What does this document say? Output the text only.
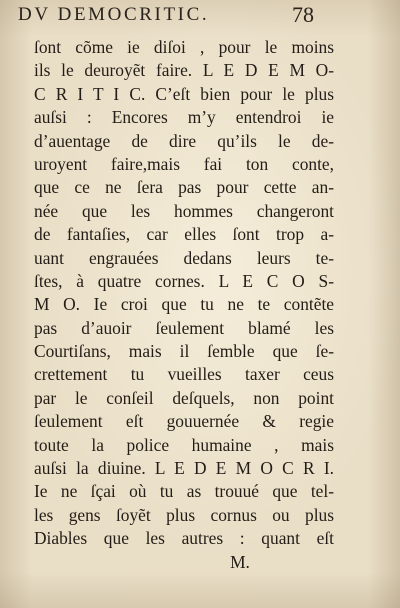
DV DEMOCRITIC.	78
ſont cõme ie diſoi , pour le moins
ils le deuroyẽt faire. L E D E M O-
C R I T I C. C’eſt bien pour le plus
auſsi : Encores m’y entendroi ie
d’auentage de dire qu’ils le de-
uroyent faire,mais fai ton conte,
que ce ne ſera pas pour cette an-
née que les hommes changeront
de fantaſies, car elles ſont trop a-
uant engrauées dedans leurs te-
ſtes, à quatre cornes. L E C O S-
M O. Ie croi que tu ne te contẽte
pas d’auoir ſeulement blamé les
Courtiſans, mais il ſemble que ſe-
crettement tu vueilles taxer ceus
par le conſeil deſquels, non point
ſeulement eſt gouuernée & regie
toute la police humaine , mais
auſsi la diuine. L E D E M O C R I.
Ie ne ſçai où tu as trouué que tel-
les gens ſoyẽt plus cornus ou plus
Diables que les autres : quant eſt
M.
